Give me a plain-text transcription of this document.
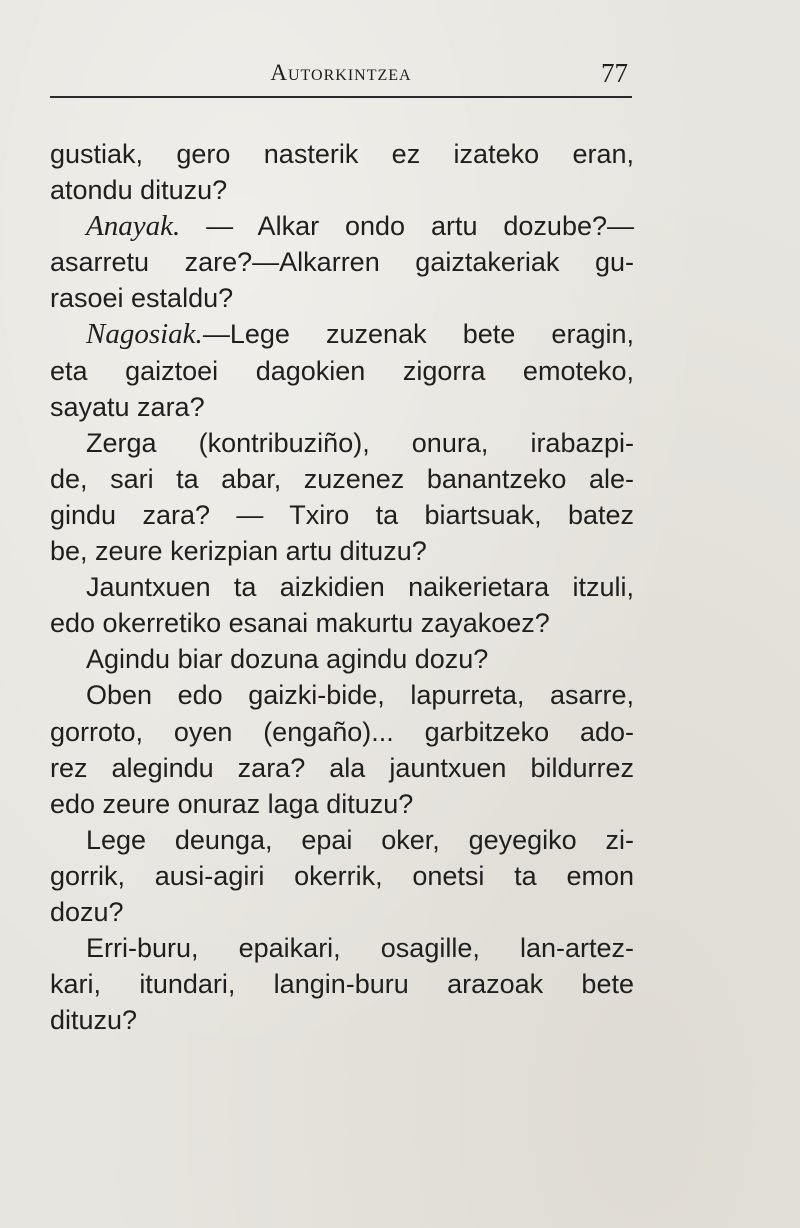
Autorkintzea	77
gustiak, gero nasterik ez izateko eran,
atondu dituzu?
Anayak. — Alkar ondo artu dozube?—
asarretu zare?—Alkarren gaiztakeriak gu-
rasoei estaldu?
Nagosiak.—Lege zuzenak bete eragin,
eta gaiztoei dagokien zigorra emoteko,
sayatu zara?
Zerga (kontribuziño), onura, irabazpi-
de, sari ta abar, zuzenez banantzeko ale-
gindu zara? — Txiro ta biartsuak, batez
be, zeure kerizpian artu dituzu?
Jauntxuen ta aizkidien naikerietara itzuli,
edo okerretiko esanai makurtu zayakoez?
Agindu biar dozuna agindu dozu?
Oben edo gaizki-bide, lapurreta, asarre,
gorroto, oyen (engaño)... garbitzeko ado-
rez alegindu zara? ala jauntxuen bildurrez
edo zeure onuraz laga dituzu?
Lege deunga, epai oker, geyegiko zi-
gorrik, ausi-agiri okerrik, onetsi ta emon
dozu?
Erri-buru, epaikari, osagille, lan-artez-
kari, itundari, langin-buru arazoak bete
dituzu?
